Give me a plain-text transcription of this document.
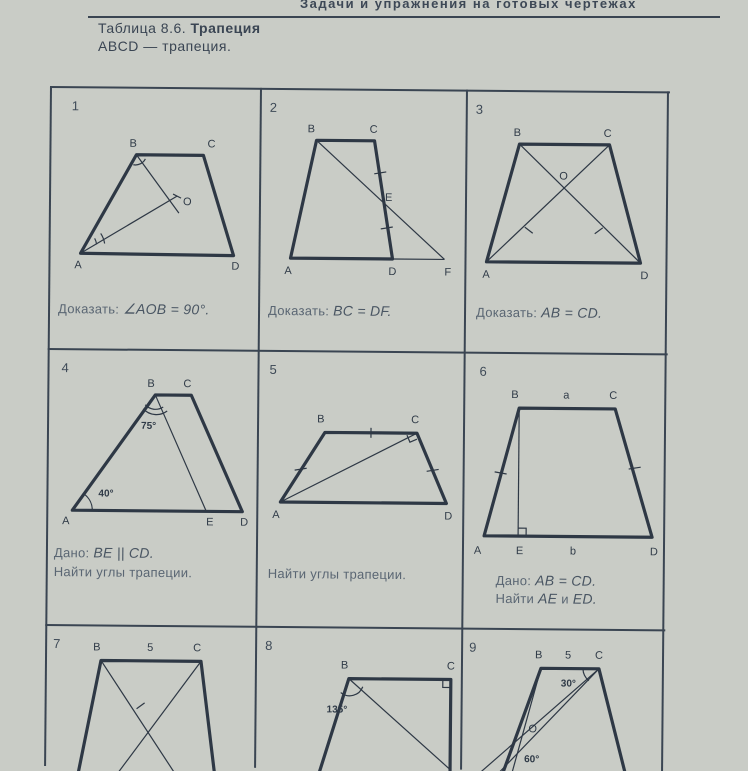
Задачи и упражнения на готовых чертежах
Таблица 8.6. Трапеция
ABCD — трапеция.
1
A
B	C
D
O
Доказать: ∠AOB = 90°.
2
B	C
E
A	D	F
Доказать: BC = DF.
3
B	C
O
A	D
Доказать: AB = CD.
4
B	C
75°
40°
A	E D
Дано: BE || CD.
Найти углы трапеции.
5
B	C
A	D
Найти углы трапеции.
6
B	a	C
A	E	b	D
Дано: AB = CD.
Найти AE и ED.
7	B	5	C	8
B	C
135°
9
B 5 C
30°
O
60°
